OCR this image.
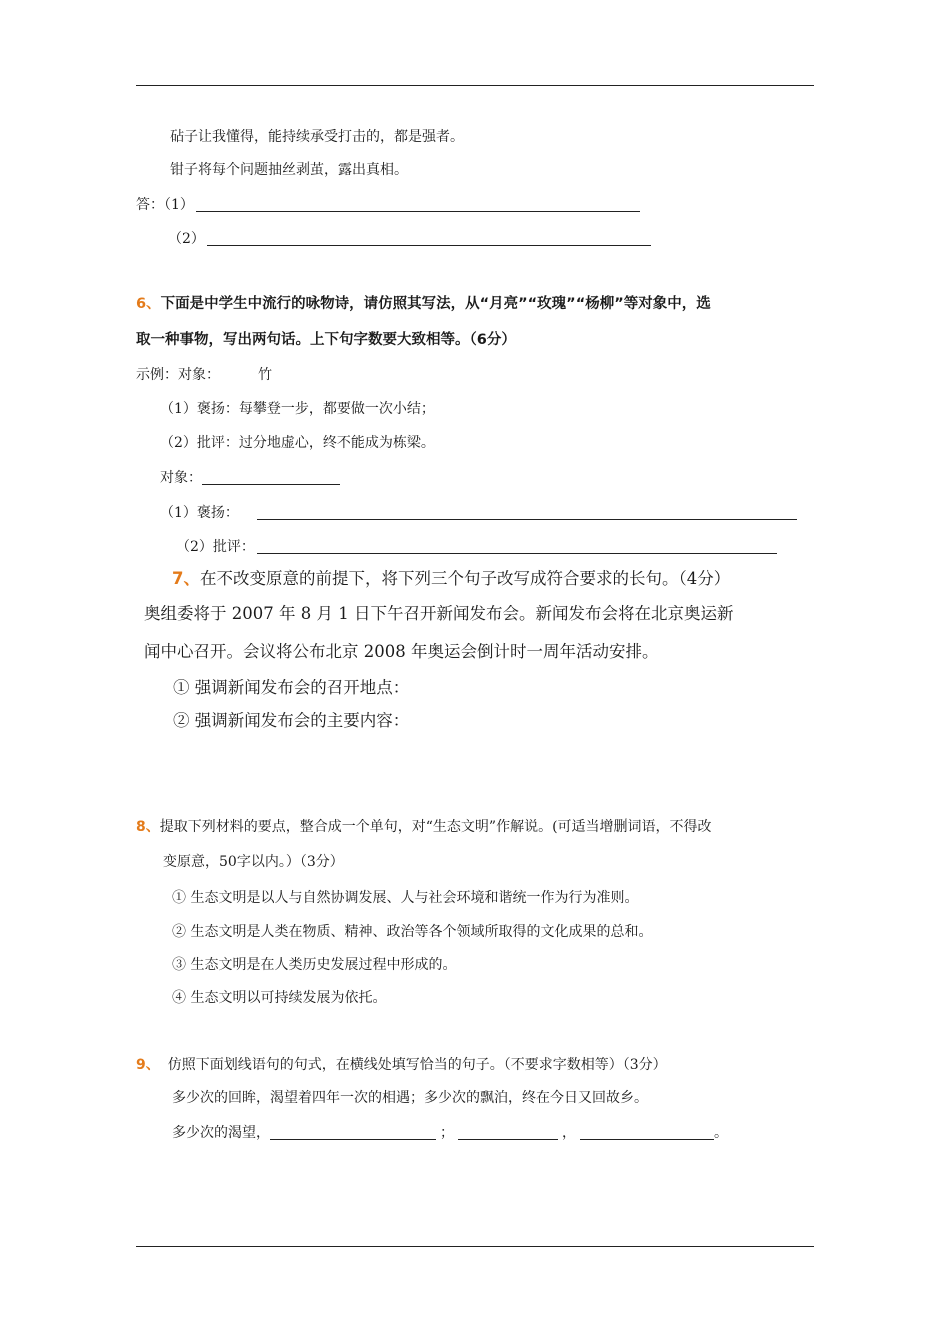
砧子让我懂得，能持续承受打击的，都是强者。
钳子将每个问题抽丝剥茧，露出真相。
答：（1）
（2）
6、下面是中学生中流行的咏物诗，请仿照其写法，从“月亮”“玫瑰”“杨柳”等对象中，选
取一种事物，写出两句话。上下句字数要大致相等。（6分）
示例：对象：	竹
（1）褒扬：每攀登一步，都要做一次小结；
（2）批评：过分地虚心，终不能成为栋梁。
对象：
（1）褒扬：
（2）批评：
7、在不改变原意的前提下，将下列三个句子改写成符合要求的长句。（4分）
奥组委将于 2007 年 8 月 1 日下午召开新闻发布会。新闻发布会将在北京奥运新
闻中心召开。会议将公布北京 2008 年奥运会倒计时一周年活动安排。
① 强调新闻发布会的召开地点：
② 强调新闻发布会的主要内容：
8、提取下列材料的要点，整合成一个单句，对“生态文明”作解说。(可适当增删词语，不得改
变原意，50字以内。）（3分）
① 生态文明是以人与自然协调发展、人与社会环境和谐统一作为行为准则。
② 生态文明是人类在物质、精神、政治等各个领域所取得的文化成果的总和。
③ 生态文明是在人类历史发展过程中形成的。
④ 生态文明以可持续发展为依托。
9、 仿照下面划线语句的句式，在横线处填写恰当的句子。（不要求字数相等）（3分）
多少次的回眸，渴望着四年一次的相遇；多少次的飘泊，终在今日又回故乡。
多少次的渴望，	；	，	。
